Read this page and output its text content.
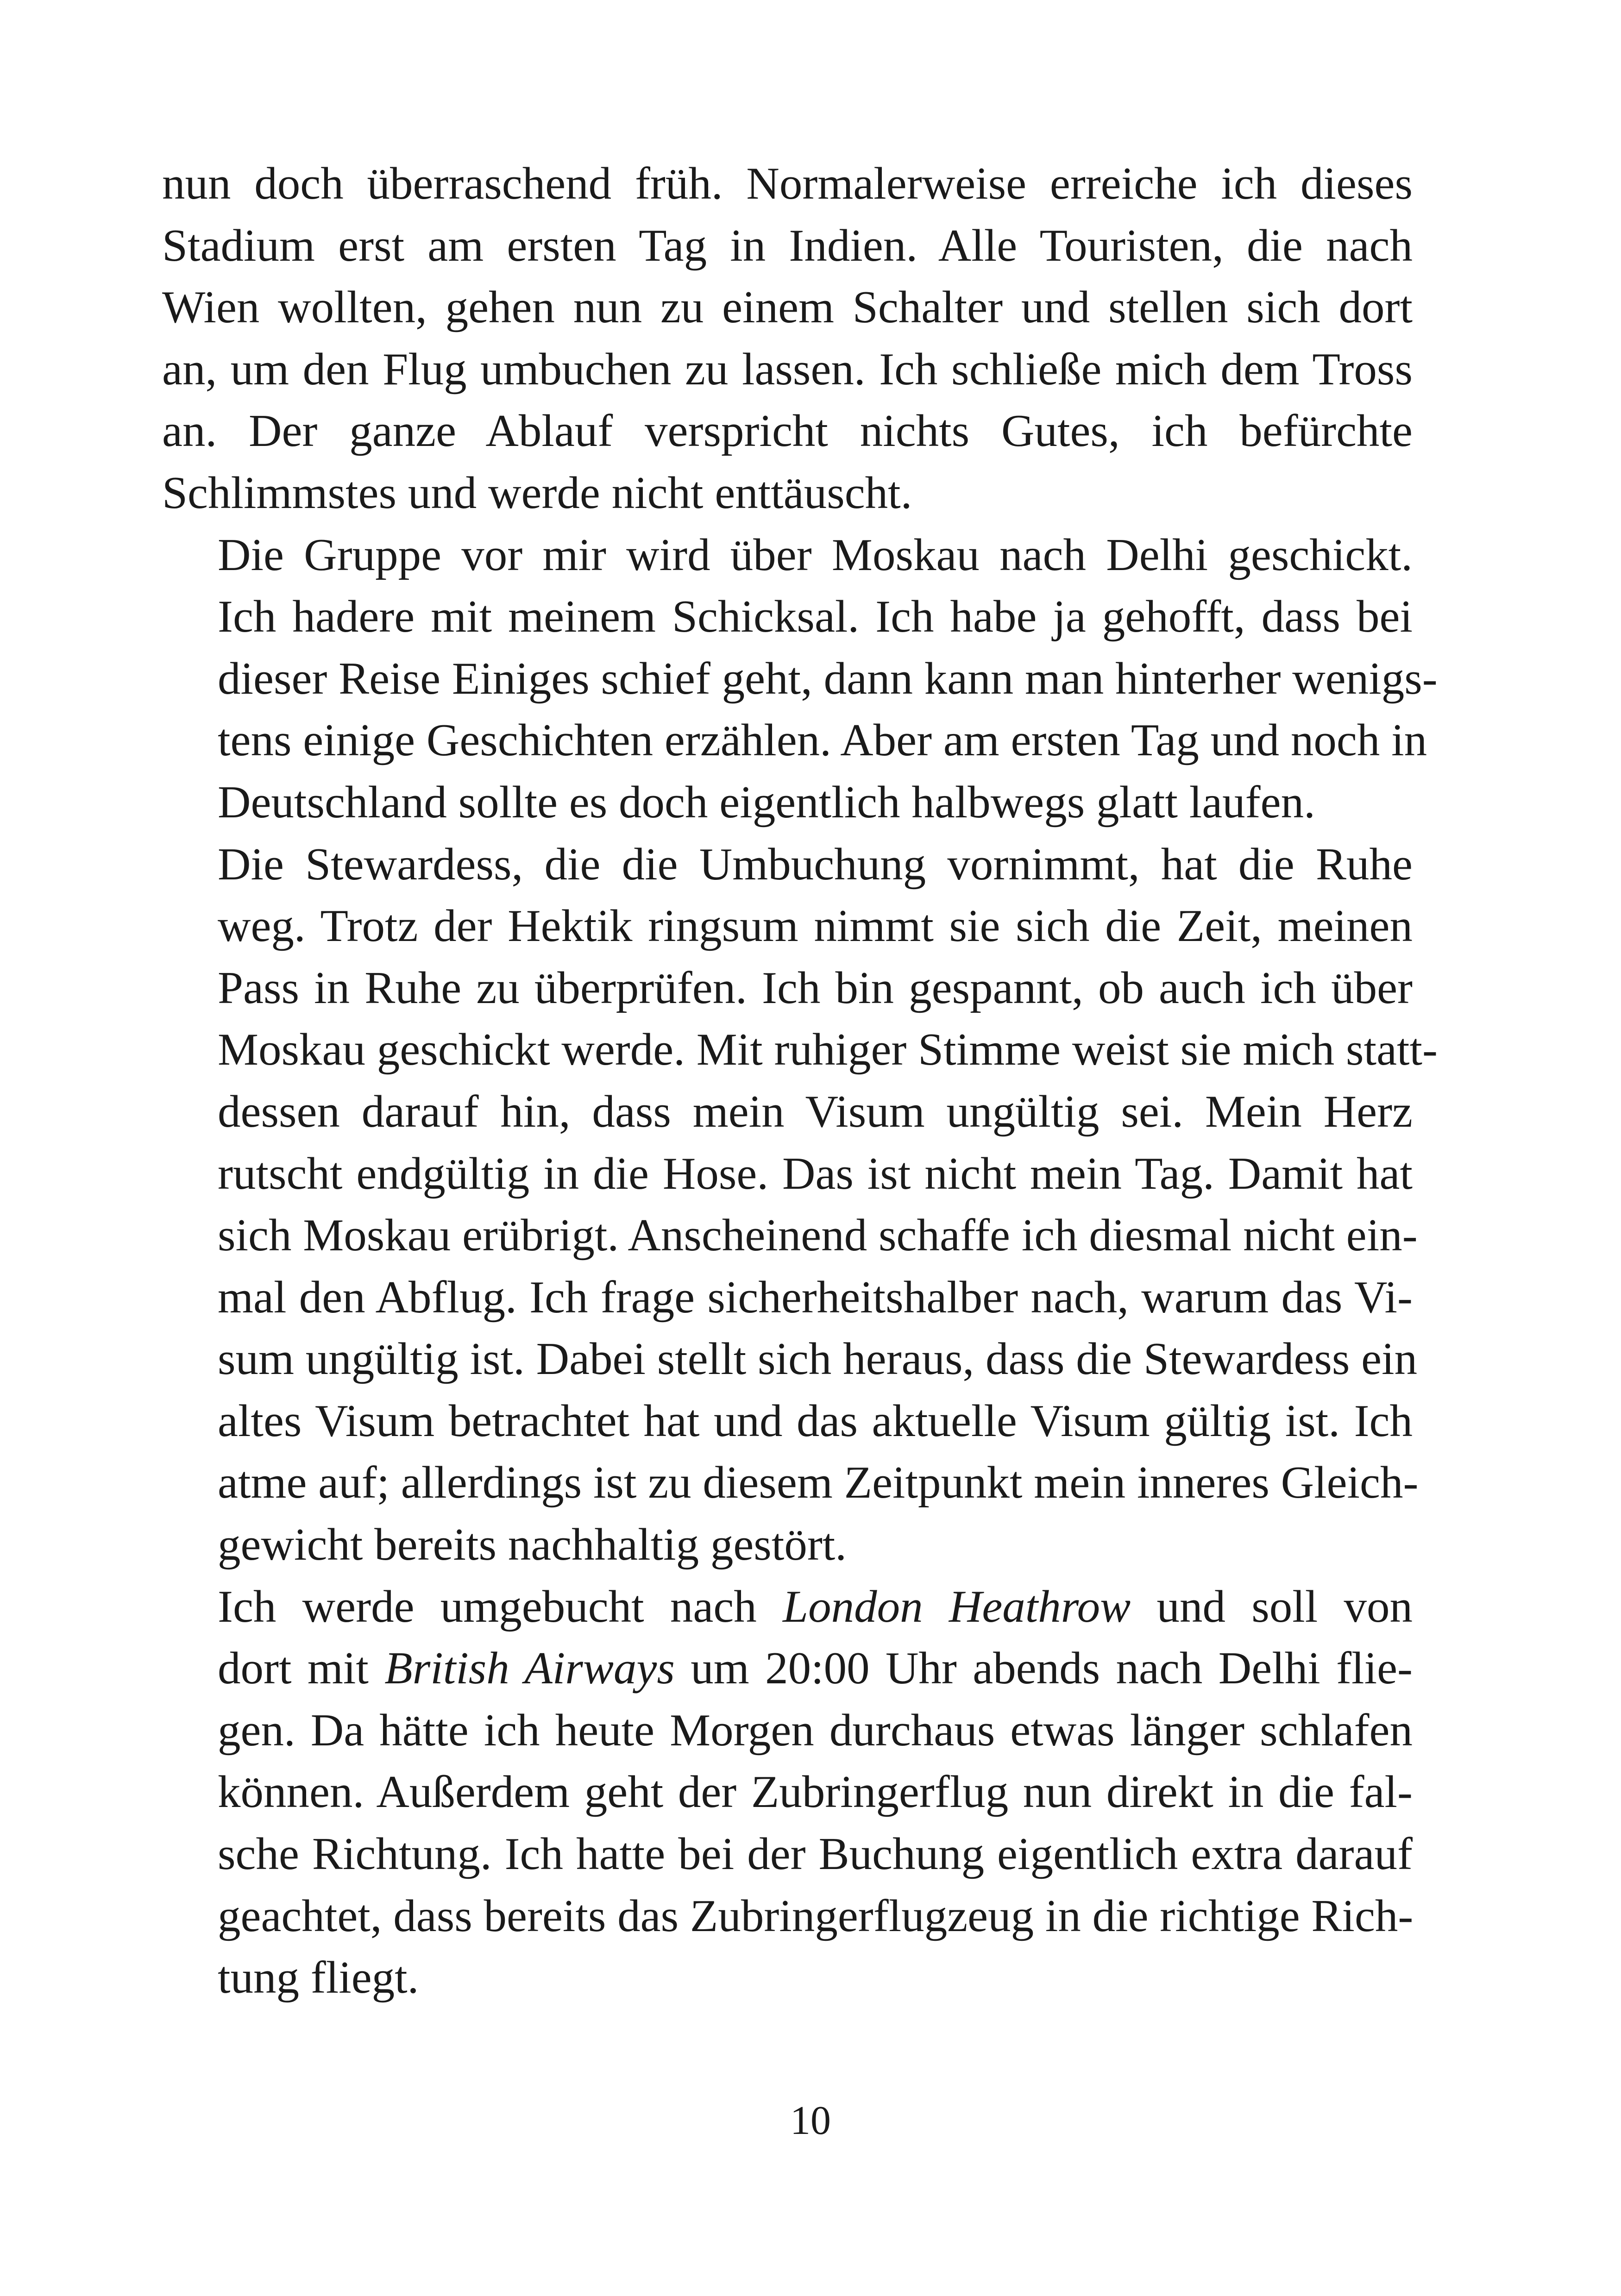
nun doch überraschend früh. Normalerweise erreiche ich dieses
Stadium erst am ersten Tag in Indien. Alle Touristen, die nach
Wien wollten, gehen nun zu einem Schalter und stellen sich dort
an, um den Flug umbuchen zu lassen. Ich schließe mich dem Tross
an. Der ganze Ablauf verspricht nichts Gutes, ich befürchte
Schlimmstes und werde nicht enttäuscht.
Die Gruppe vor mir wird über Moskau nach Delhi geschickt.
Ich hadere mit meinem Schicksal. Ich habe ja gehofft, dass bei
dieser Reise Einiges schief geht, dann kann man hinterher wenigs-
tens einige Geschichten erzählen. Aber am ersten Tag und noch in
Deutschland sollte es doch eigentlich halbwegs glatt laufen.
Die Stewardess, die die Umbuchung vornimmt, hat die Ruhe
weg. Trotz der Hektik ringsum nimmt sie sich die Zeit, meinen
Pass in Ruhe zu überprüfen. Ich bin gespannt, ob auch ich über
Moskau geschickt werde. Mit ruhiger Stimme weist sie mich statt-
dessen darauf hin, dass mein Visum ungültig sei. Mein Herz
rutscht endgültig in die Hose. Das ist nicht mein Tag. Damit hat
sich Moskau erübrigt. Anscheinend schaffe ich diesmal nicht ein-
mal den Abflug. Ich frage sicherheitshalber nach, warum das Vi-
sum ungültig ist. Dabei stellt sich heraus, dass die Stewardess ein
altes Visum betrachtet hat und das aktuelle Visum gültig ist. Ich
atme auf; allerdings ist zu diesem Zeitpunkt mein inneres Gleich-
gewicht bereits nachhaltig gestört.
Ich werde umgebucht nach London Heathrow und soll von
dort mit British Airways um 20:00 Uhr abends nach Delhi flie-
gen. Da hätte ich heute Morgen durchaus etwas länger schlafen
können. Außerdem geht der Zubringerflug nun direkt in die fal-
sche Richtung. Ich hatte bei der Buchung eigentlich extra darauf
geachtet, dass bereits das Zubringerflugzeug in die richtige Rich-
tung fliegt.
10
